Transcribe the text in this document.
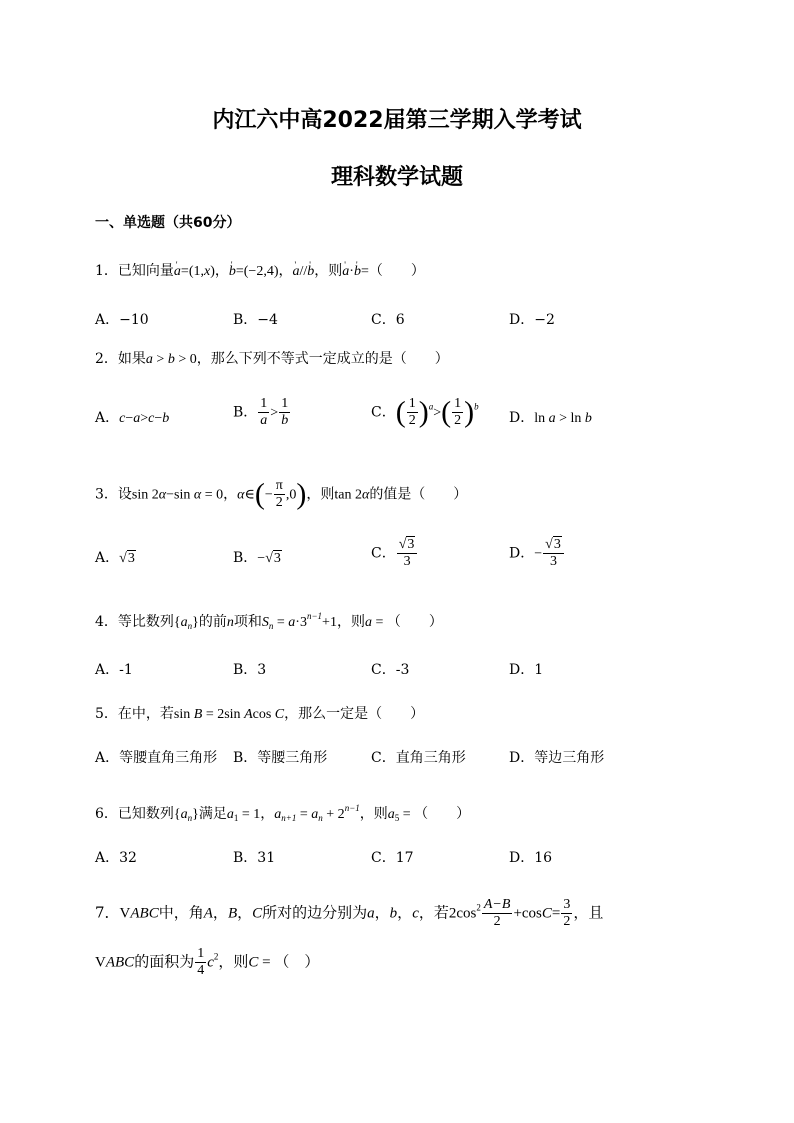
内江六中高2022届第三学期入学考试
理科数学试题
一、单选题（共60分）
1．已知向量' a=(1,x)，' b=(−2,4)，' a//' b，则' a·' b=（　　）
A．−10	B．−4	C．6	D．−2
2．如果a > b > 0，那么下列不等式一定成立的是（　　）
A．c−a>c−b	B． $\frac{1}{a} > \frac{1}{b}$	C．( $\frac{1}{2} )^a>( \frac{1}{2} )^b$
D．ln a > ln b
3．设sin 2α−sin α = 0，α∈(− $\frac{\pi}{2} ,0$)，则tan 2α的值是（　　）
A．√3	B．−√3	C． $\frac{√3}{3}$	D．− $\frac{√3}{3}$
4．等比数列$\{a_n\}$的前n项和$S_n = a\cdot 3^{n-1}+1$，则a = （　　）
A．-1	B．3	C．-3	D．1
5．在中，若sin B = 2sin Acos C，那么一定是（　　）
A．等腰直角三角形 B．等腰三角形	C．直角三角形	D．等边三角形
6．已知数列$\{a_n\}$满足$a_1 = 1$，$a_{n+1} = a_n + 2^{n-1}$，则$a_5$ = （　　）
A．32	B．31	C．17	D．16
7．VABC中，角A，B，C所对的边分别为a，b，c，若$2\cos^2 \frac{A-B}{2} +\cos C= \frac{3}{2}$ ，且
VABC的面积为 $\frac{1}{4} c^2$，则C = （　）
